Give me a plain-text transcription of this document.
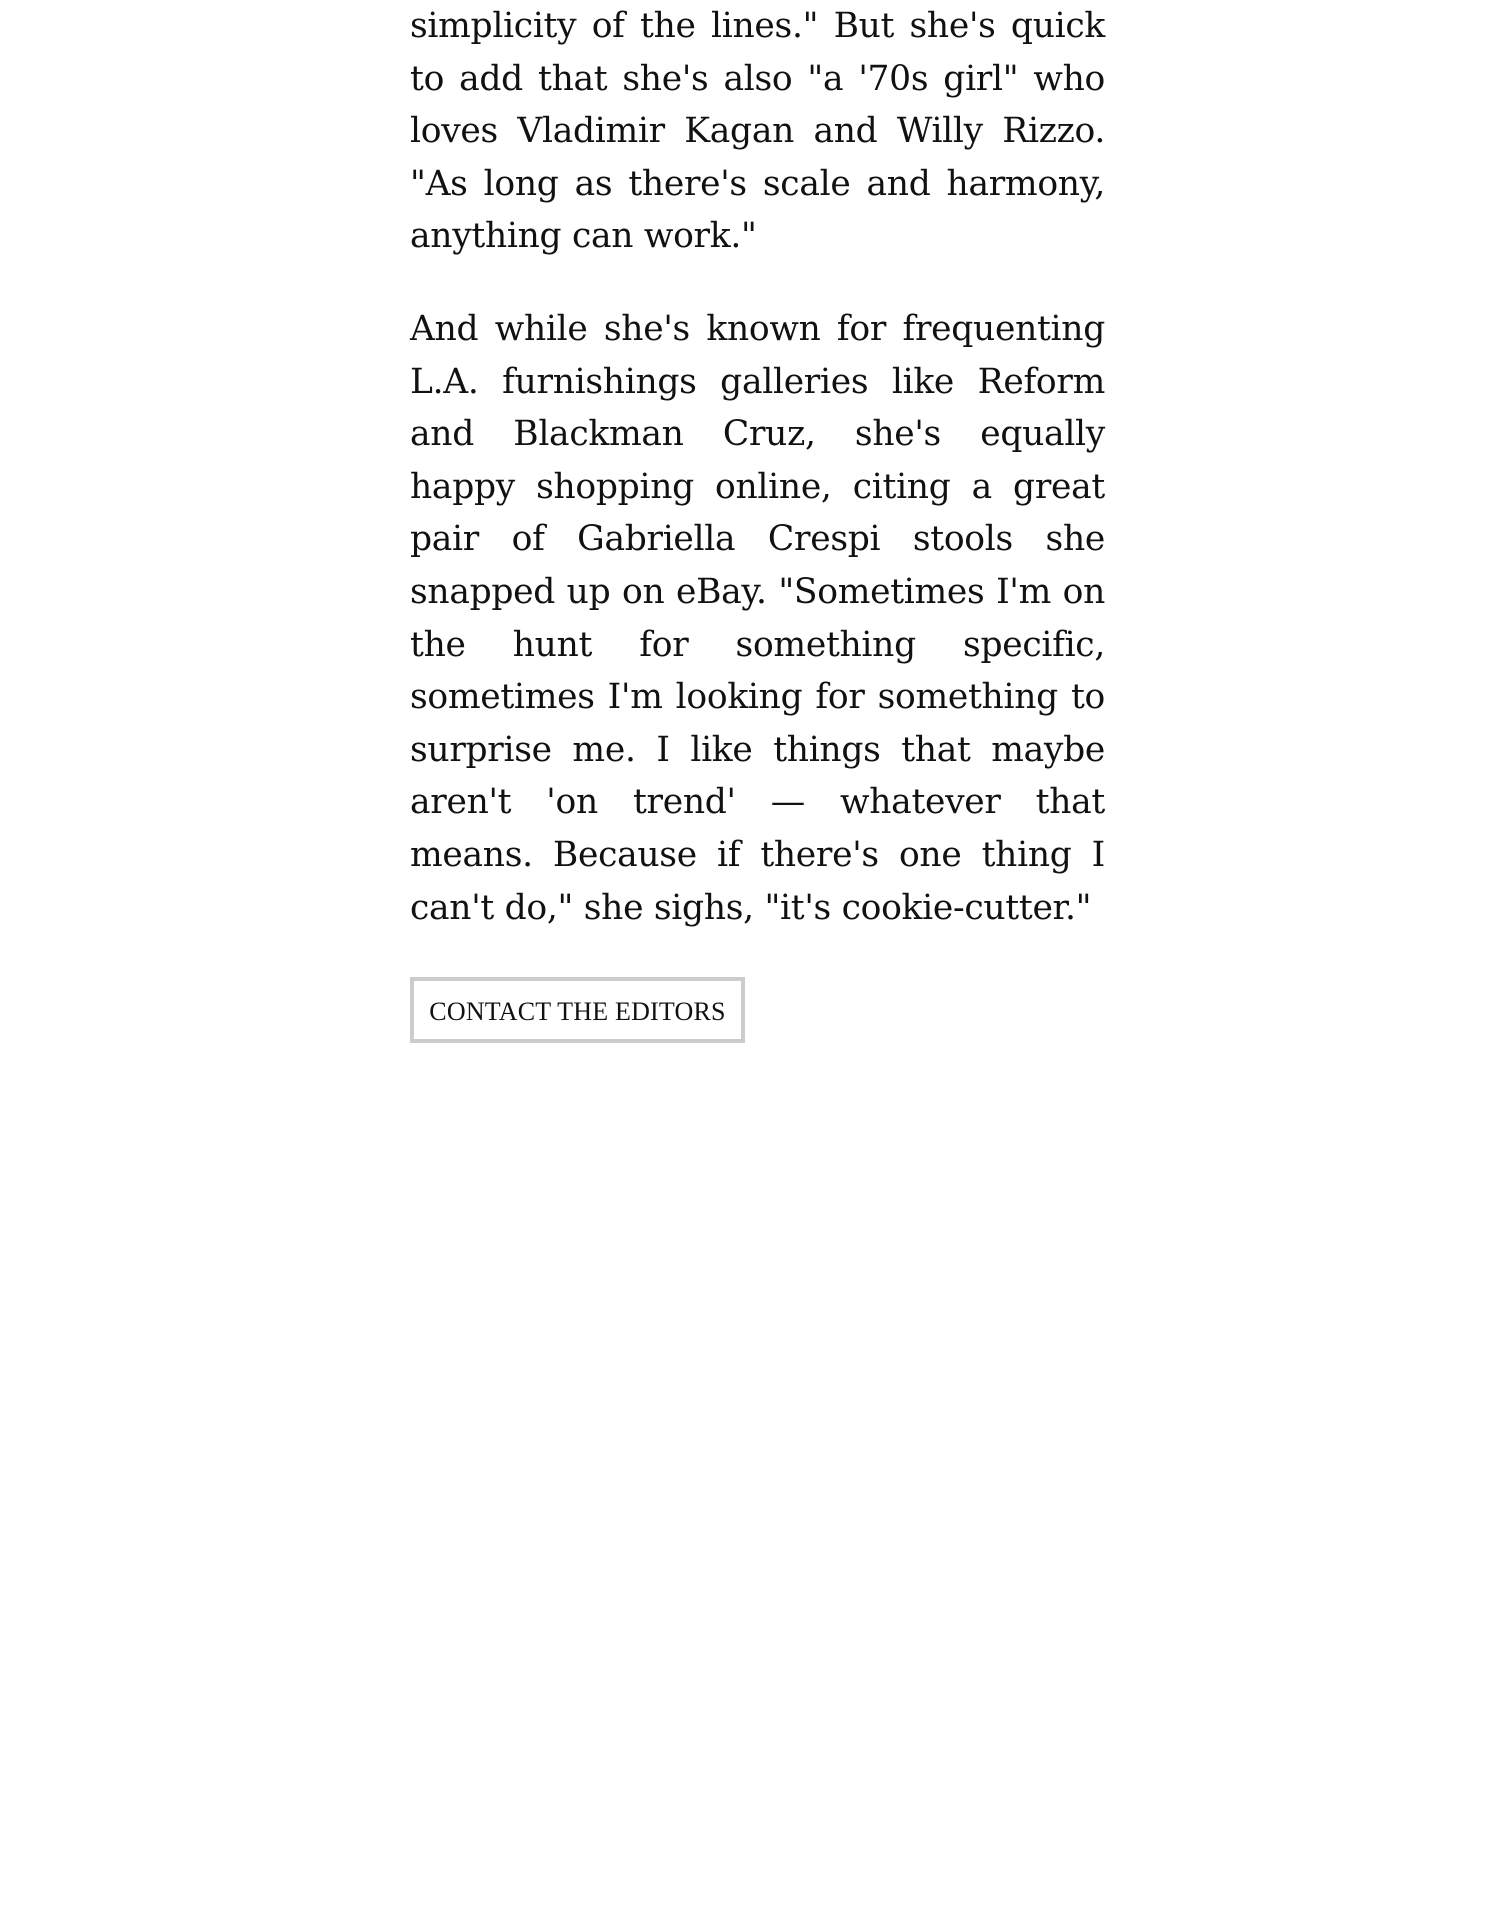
simplicity of the lines." But she's quick to add that she's also "a '70s girl" who loves Vladimir Kagan and Willy Rizzo. "As long as there's scale and harmony, anything can work."

And while she's known for frequenting L.A. furnishings galleries like Reform and Blackman Cruz, she's equally happy shopping online, citing a great pair of Gabriella Crespi stools she snapped up on eBay. "Sometimes I'm on the hunt for something specific, sometimes I'm looking for something to surprise me. I like things that maybe aren't 'on trend' — whatever that means. Because if there's one thing I can't do," she sighs, "it's cookie-cutter."

CONTACT THE EDITORS
